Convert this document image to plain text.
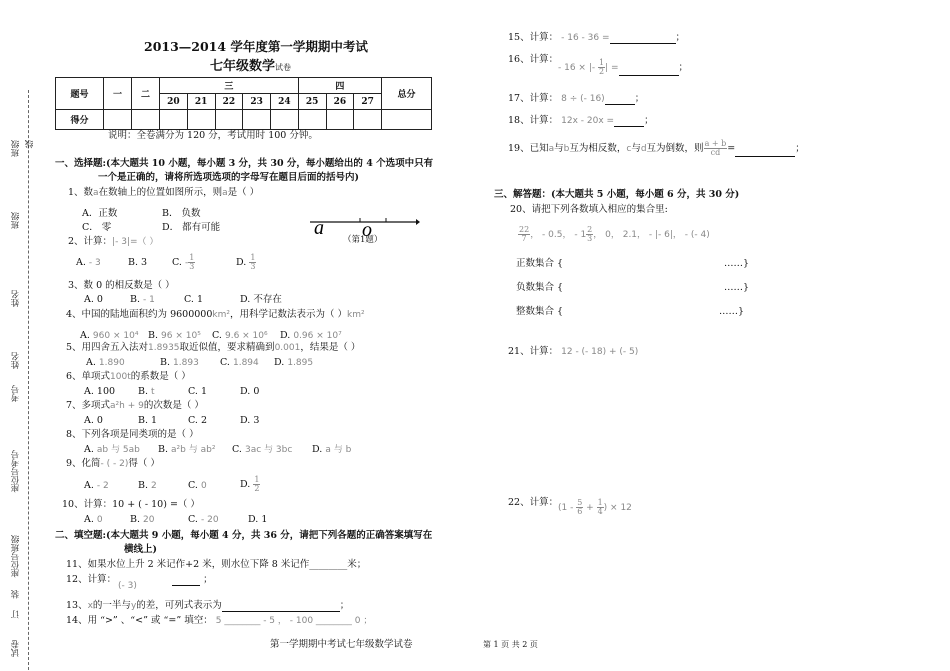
班级
班级
姓名
姓名
考号
座位号考号
座位号班级
装
订
线
试卷
2013—2014 学年度第一学期期中考试
七年级数学试卷
题号	一	二	三					四			总分
			20	21	22	23	24	25	26	27	
得分											
说明：全卷满分为 120 分，考试用时 100 分钟。
一、选择题:(本大题共 10 小题，每小题 3 分，共 30 分，每小题给出的 4 个选项中只有
一个是正确的，请将所选项选项的字母写在题目后面的括号内)
1、数a在数轴上的位置如图所示，则a是（ ）
A．正数	B． 负数
C． 零	D． 都有可能	a o
（第1题）
2、计算：|- 3|=（ ）
A. - 3	B. 3	C. - $\frac{1}{3}$	D. $\frac{1}{3}$
3、数 0 的相反数是（ ）
A. 0	B. - 1	C. 1	D. 不存在
4、中国的陆地面积约为 9600000km²，用科学记数法表示为（ ）km²
A. 960 × 10⁴ B. 96 × 10⁵ C. 9.6 × 10⁶ D. 0.96 × 10⁷
5、用四舍五入法对1.8935取近似值，要求精确到0.001，结果是（ ）
A. 1.890	B. 1.893 C. 1.894 D. 1.895
6、单项式100t的系数是（ ）
A. 100 B. t	C. 1	D. 0
7、多项式a²h + 9的次数是（ ）
A. 0	B. 1	C. 2	D. 3
8、下列各项是同类项的是（ ）
A. ab 与 5ab B. a²b 与 ab² C. 3ac 与 3bc D. a 与 b
9、化简- ( - 2)得（ ）
A. - 2	B. 2	C. 0	D. $\frac{1}{2}$
10、计算：10 + ( - 10) =（ ）
A. 0	B. 20	C. - 20	D. 1
二、填空题:(本大题共 9 小题，每小题 4 分，共 36 分，请把下列各题的正确答案填写在
横线上)
11、如果水位上升 2 米记作+2 米，则水位下降 8 米记作________米；
12、计算：	；
(- 3)
13、x的一半与y的差，可列式表示为	；
14、用 “>” 、“<” 或 “=” 填空： 5 ________ - 5 ， - 100 ________ 0 ；
15、计算： - 16 - 36 =	；
16、计算：
- 16 × |- $\frac{1}{2}$ | =	；
17、计算： 8 ÷ (- 16)	；
18、计算： 12x - 20x =	；
19、已知a与b互为相反数，c与d互为倒数，则 $\frac{a + b}{cd}$ =	；
三、解答题：(本大题共 5 小题，每小题 6 分，共 30 分)
20、请把下列各数填入相应的集合里:
$\frac{22}{7}$ ， - 0.5， - $1 \frac{2}{3}$ ， 0， 2.1， - |- 6|， - (- 4)
正数集合 {	……}
负数集合 {	……}
整数集合 {	……}
21、计算： 12 - (- 18) + (- 5)
22、计算： ($1 - \frac{5}{6} + \frac{1}{4}$ ) × 12
第一学期期中考试七年级数学试卷	第 1 页 共 2 页
